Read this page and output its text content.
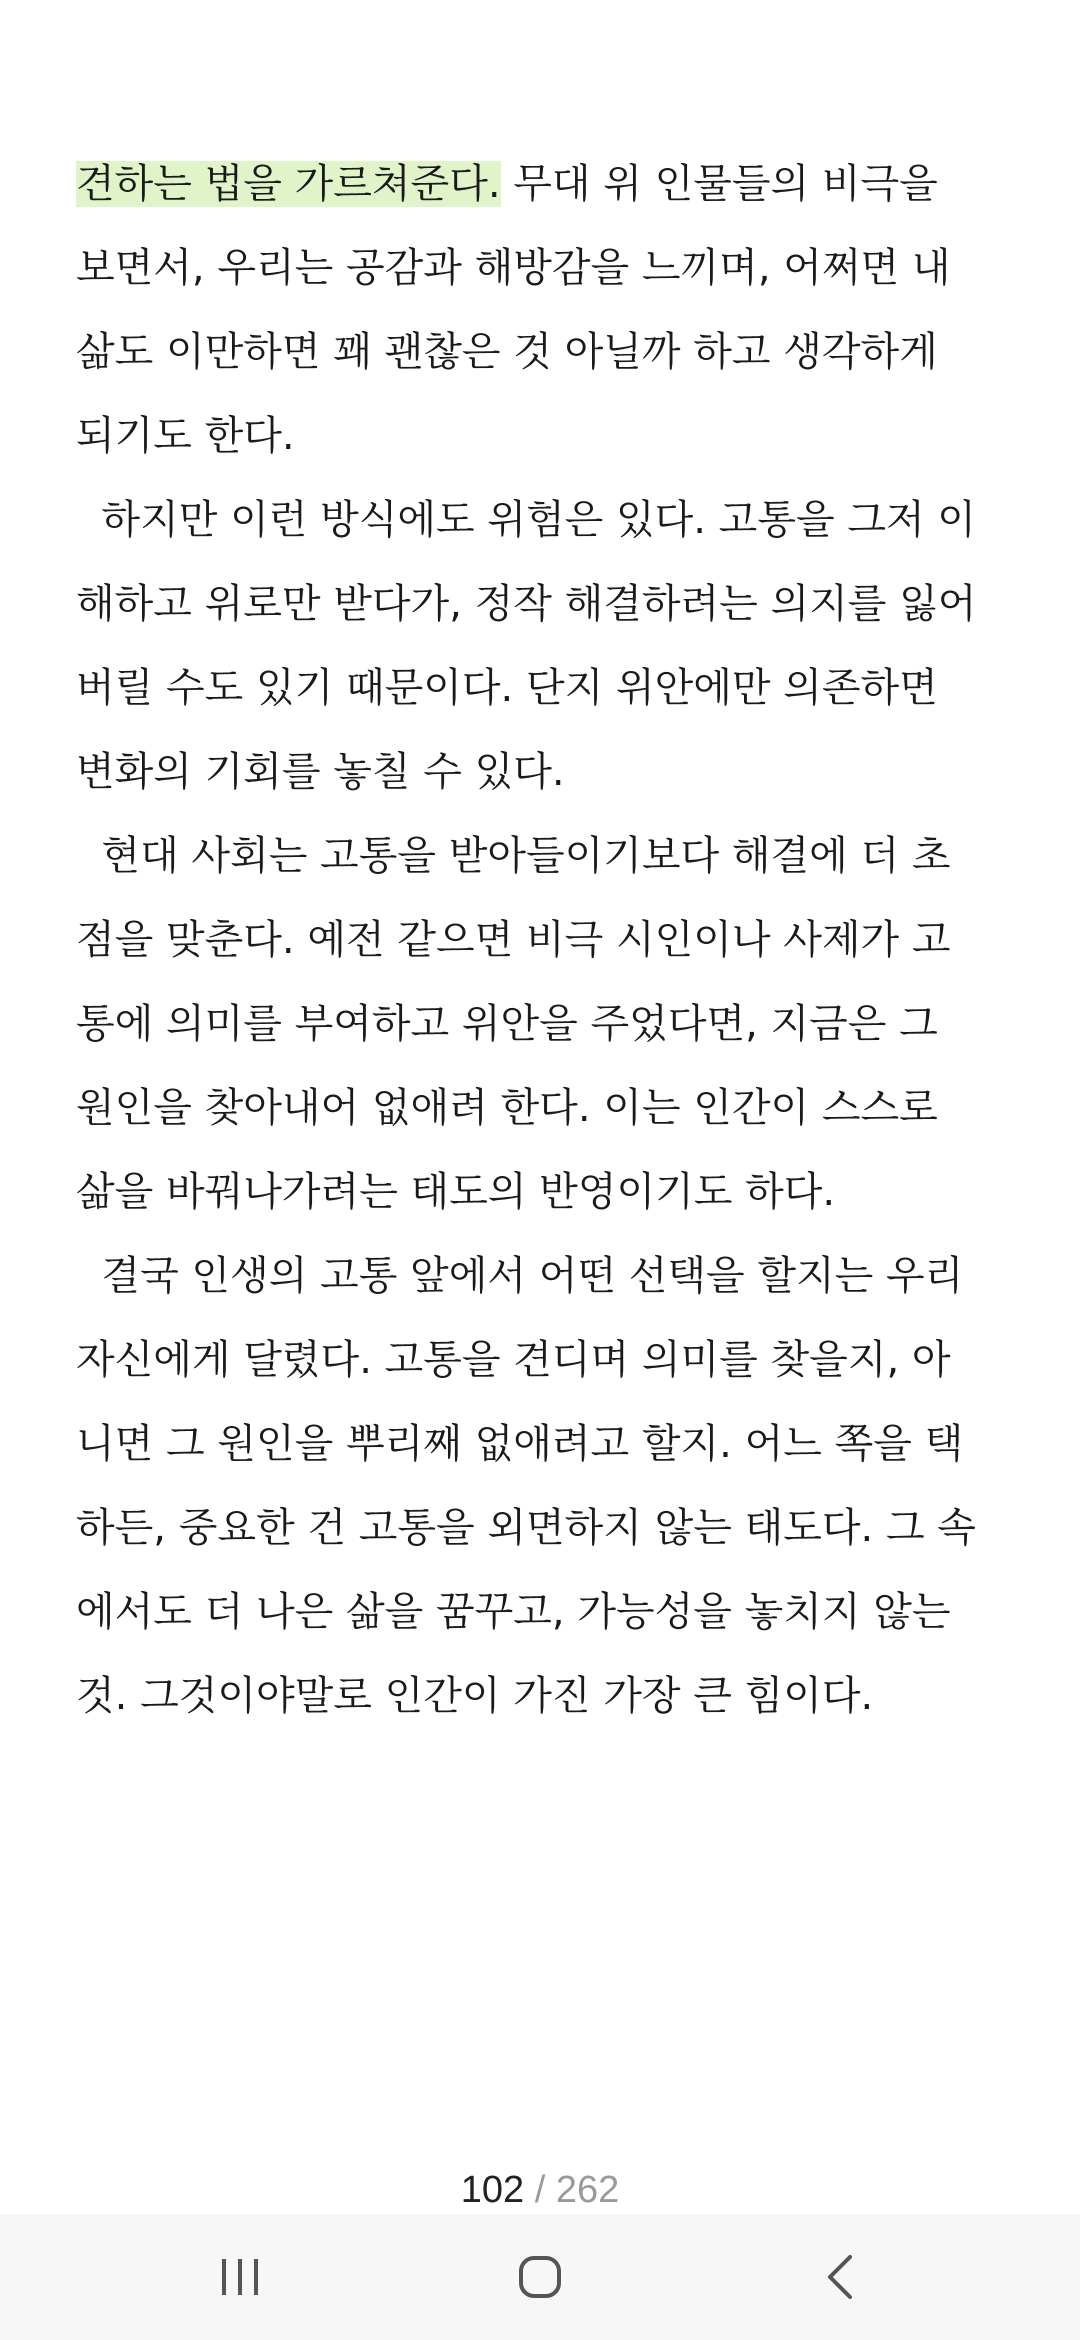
견하는 법을 가르쳐준다. 무대 위 인물들의 비극을
보면서, 우리는 공감과 해방감을 느끼며, 어쩌면 내
삶도 이만하면 꽤 괜찮은 것 아닐까 하고 생각하게
되기도 한다.
하지만 이런 방식에도 위험은 있다. 고통을 그저 이
해하고 위로만 받다가, 정작 해결하려는 의지를 잃어
버릴 수도 있기 때문이다. 단지 위안에만 의존하면
변화의 기회를 놓칠 수 있다.
현대 사회는 고통을 받아들이기보다 해결에 더 초
점을 맞춘다. 예전 같으면 비극 시인이나 사제가 고
통에 의미를 부여하고 위안을 주었다면, 지금은 그
원인을 찾아내어 없애려 한다. 이는 인간이 스스로
삶을 바꿔나가려는 태도의 반영이기도 하다.
결국 인생의 고통 앞에서 어떤 선택을 할지는 우리
자신에게 달렸다. 고통을 견디며 의미를 찾을지, 아
니면 그 원인을 뿌리째 없애려고 할지. 어느 쪽을 택
하든, 중요한 건 고통을 외면하지 않는 태도다. 그 속
에서도 더 나은 삶을 꿈꾸고, 가능성을 놓치지 않는
것. 그것이야말로 인간이 가진 가장 큰 힘이다.
102 / 262
